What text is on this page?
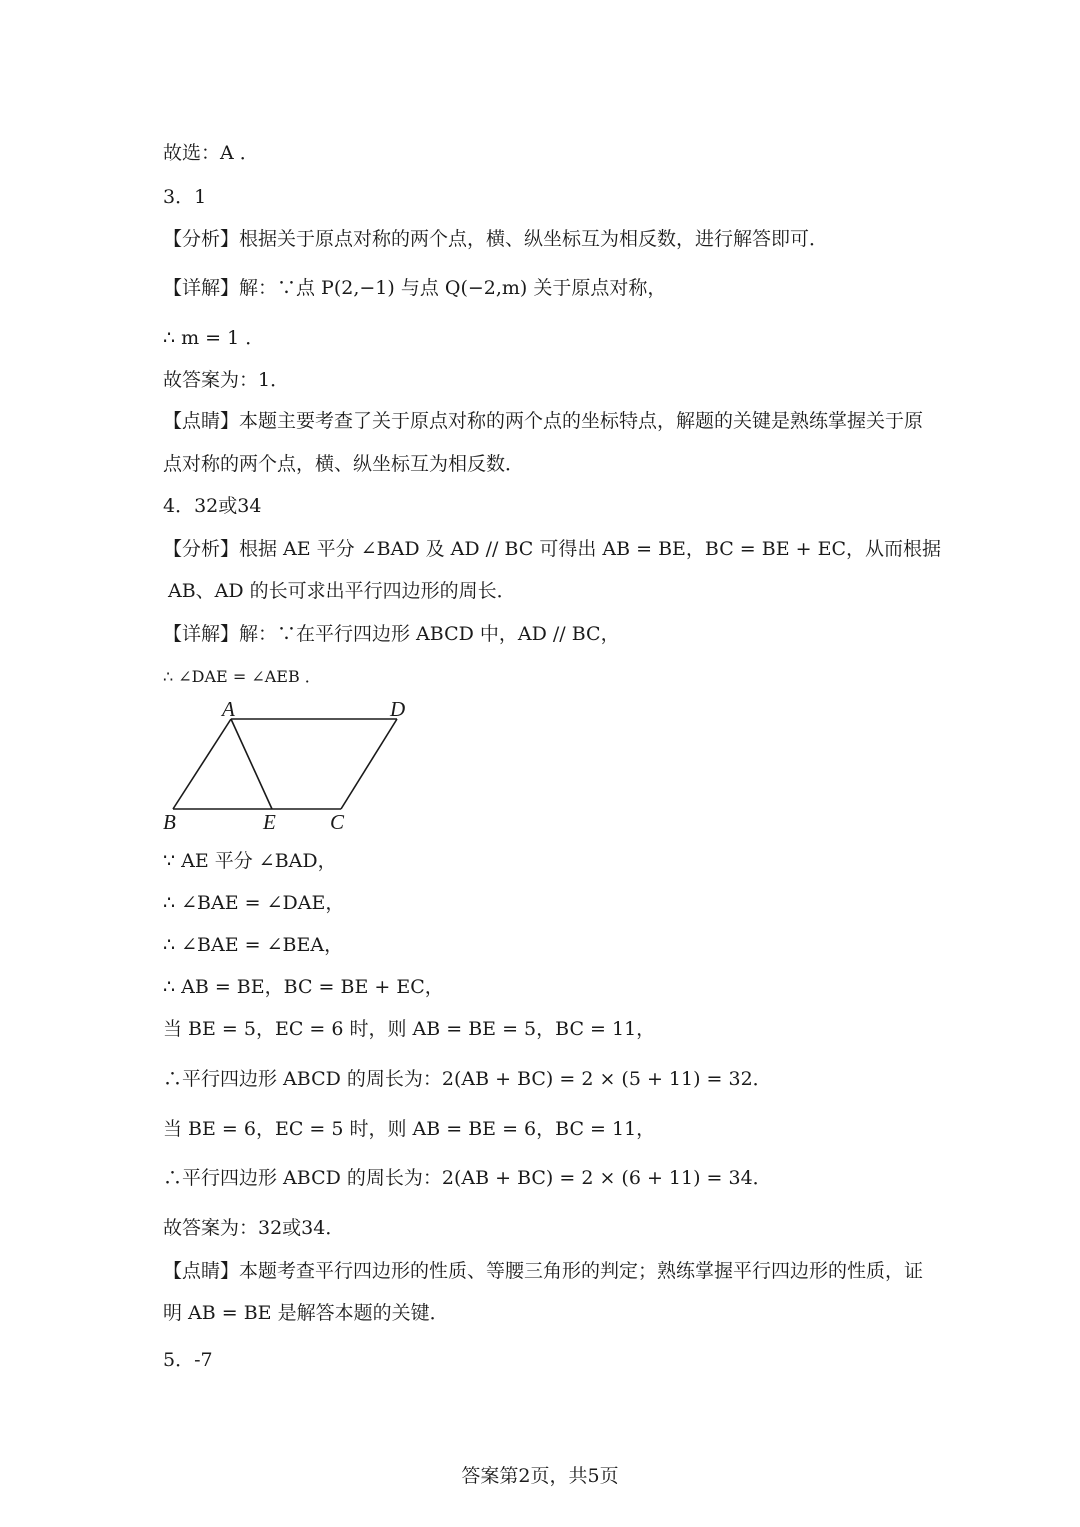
故选：A ．
3．1
【分析】根据关于原点对称的两个点，横、纵坐标互为相反数，进行解答即可．
【详解】解：∵点 P(2,−1) 与点 Q(−2,m) 关于原点对称，
∴ m = 1 ．
故答案为：1．
【点睛】本题主要考查了关于原点对称的两个点的坐标特点，解题的关键是熟练掌握关于原
点对称的两个点，横、纵坐标互为相反数．
4．32或34
【分析】根据 AE 平分 ∠BAD 及 AD // BC 可得出 AB = BE，BC = BE + EC，从而根据
AB、AD 的长可求出平行四边形的周长．
【详解】解：∵在平行四边形 ABCD 中，AD // BC，
∴ ∠DAE = ∠AEB ．
A	D
B	E	C
∵ AE 平分 ∠BAD，
∴ ∠BAE = ∠DAE，
∴ ∠BAE = ∠BEA，
∴ AB = BE，BC = BE + EC，
当 BE = 5，EC = 6 时，则 AB = BE = 5，BC = 11，
∴平行四边形 ABCD 的周长为：2(AB + BC) = 2 × (5 + 11) = 32．
当 BE = 6，EC = 5 时，则 AB = BE = 6，BC = 11，
∴平行四边形 ABCD 的周长为：2(AB + BC) = 2 × (6 + 11) = 34．
故答案为：32或34．
【点睛】本题考查平行四边形的性质、等腰三角形的判定；熟练掌握平行四边形的性质，证
明 AB = BE 是解答本题的关键．
5．-7
答案第2页，共5页
